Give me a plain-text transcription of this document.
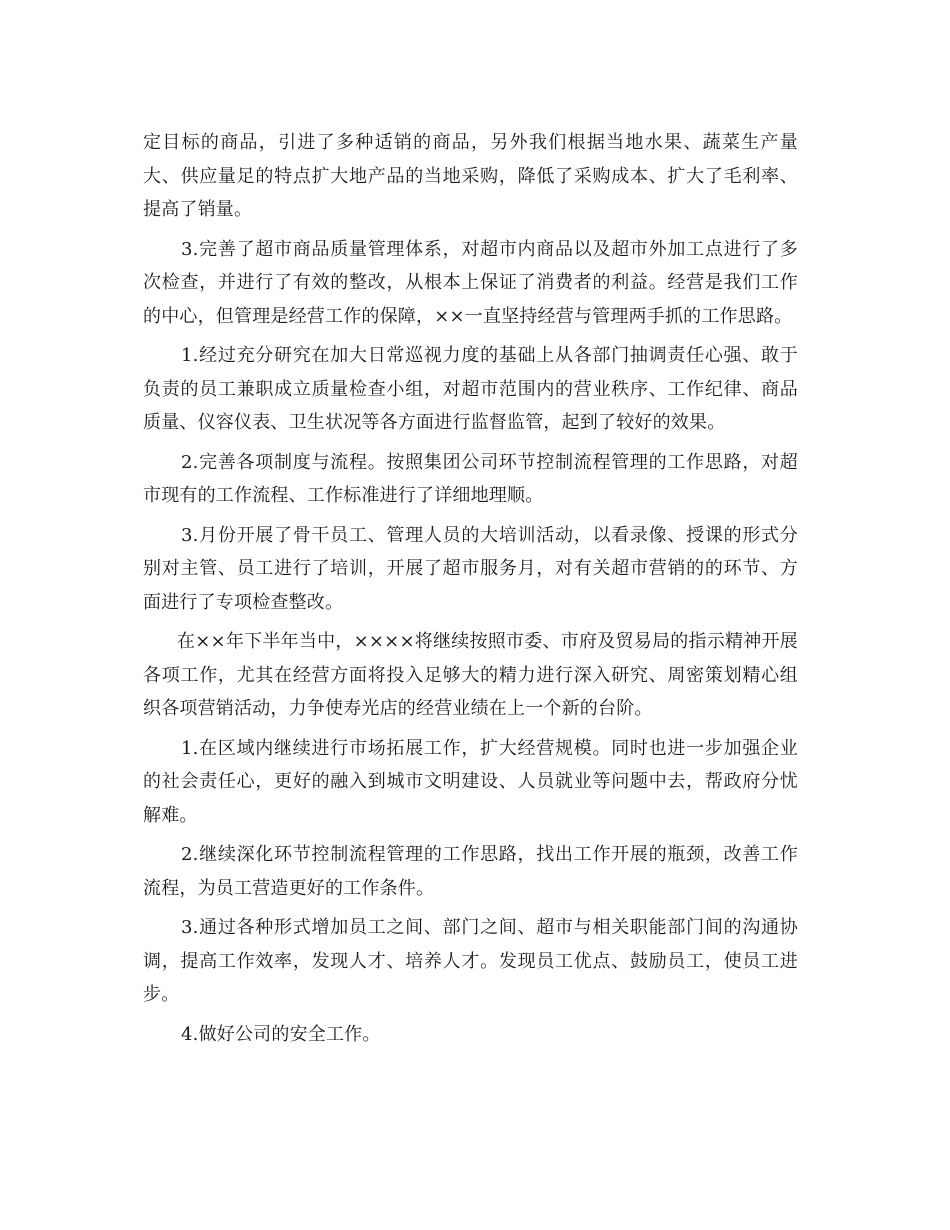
定目标的商品，引进了多种适销的商品，另外我们根据当地水果、蔬菜生产量大、供应量足的特点扩大地产品的当地采购，降低了采购成本、扩大了毛利率、提高了销量。

3.完善了超市商品质量管理体系，对超市内商品以及超市外加工点进行了多次检查，并进行了有效的整改，从根本上保证了消费者的利益。经营是我们工作的中心，但管理是经营工作的保障，××一直坚持经营与管理两手抓的工作思路。

1.经过充分研究在加大日常巡视力度的基础上从各部门抽调责任心强、敢于负责的员工兼职成立质量检查小组，对超市范围内的营业秩序、工作纪律、商品质量、仪容仪表、卫生状况等各方面进行监督监管，起到了较好的效果。

2.完善各项制度与流程。按照集团公司环节控制流程管理的工作思路，对超市现有的工作流程、工作标准进行了详细地理顺。

3.月份开展了骨干员工、管理人员的大培训活动，以看录像、授课的形式分别对主管、员工进行了培训，开展了超市服务月，对有关超市营销的的环节、方面进行了专项检查整改。

在××年下半年当中，××××将继续按照市委、市府及贸易局的指示精神开展各项工作，尤其在经营方面将投入足够大的精力进行深入研究、周密策划精心组织各项营销活动，力争使寿光店的经营业绩在上一个新的台阶。

1.在区域内继续进行市场拓展工作，扩大经营规模。同时也进一步加强企业的社会责任心，更好的融入到城市文明建设、人员就业等问题中去，帮政府分忧解难。

2.继续深化环节控制流程管理的工作思路，找出工作开展的瓶颈，改善工作流程，为员工营造更好的工作条件。

3.通过各种形式增加员工之间、部门之间、超市与相关职能部门间的沟通协调，提高工作效率，发现人才、培养人才。发现员工优点、鼓励员工，使员工进步。

4.做好公司的安全工作。
